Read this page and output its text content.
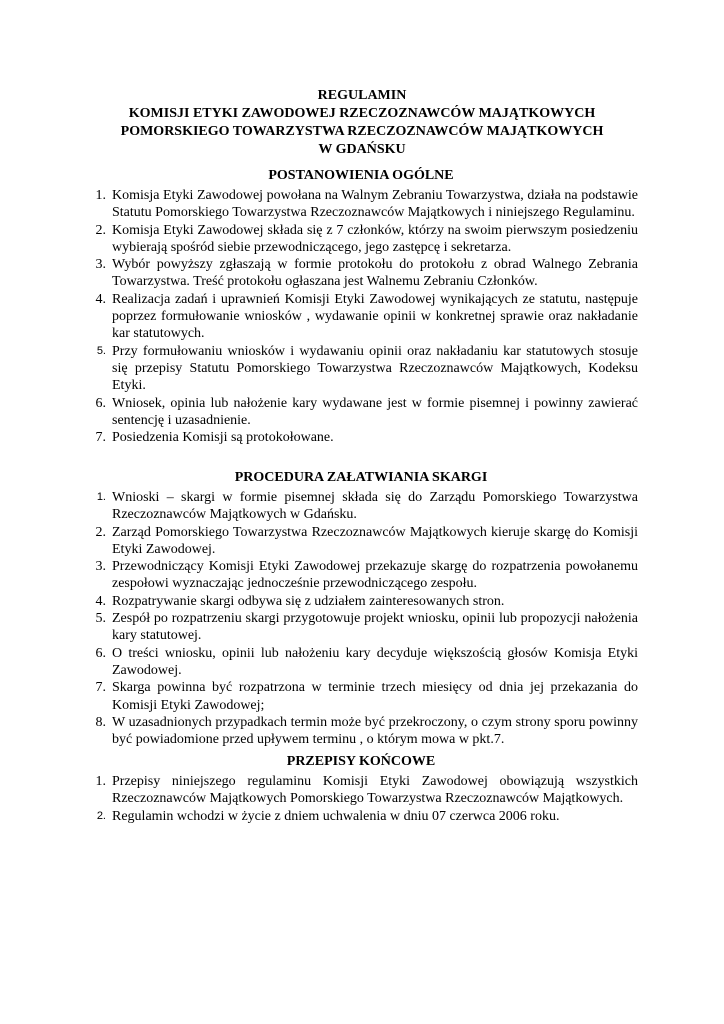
REGULAMIN
KOMISJI ETYKI ZAWODOWEJ RZECZOZNAWCÓW MAJĄTKOWYCH
POMORSKIEGO TOWARZYSTWA RZECZOZNAWCÓW MAJĄTKOWYCH
W GDAŃSKU
POSTANOWIENIA OGÓLNE
1. Komisja Etyki Zawodowej powołana na Walnym Zebraniu Towarzystwa, działa na podstawie Statutu Pomorskiego Towarzystwa Rzeczoznawców Majątkowych i niniejszego Regulaminu.
2. Komisja Etyki Zawodowej składa się z 7 członków, którzy na swoim pierwszym posiedzeniu wybierają spośród siebie przewodniczącego, jego zastępcę i sekretarza.
3. Wybór powyższy zgłaszają w formie protokołu do protokołu z obrad Walnego Zebrania Towarzystwa. Treść protokołu ogłaszana jest Walnemu Zebraniu Członków.
4. Realizacja zadań i uprawnień Komisji Etyki Zawodowej wynikających ze statutu, następuje poprzez formułowanie wniosków , wydawanie opinii w konkretnej sprawie oraz nakładanie kar statutowych.
5. Przy formułowaniu wniosków i wydawaniu opinii oraz nakładaniu kar statutowych stosuje się przepisy Statutu Pomorskiego Towarzystwa Rzeczoznawców Majątkowych, Kodeksu Etyki.
6. Wniosek, opinia lub nałożenie kary wydawane jest w formie pisemnej i powinny zawierać sentencję i uzasadnienie.
7. Posiedzenia Komisji są protokołowane.
PROCEDURA ZAŁATWIANIA SKARGI
1. Wnioski – skargi w formie pisemnej składa się do Zarządu Pomorskiego Towarzystwa Rzeczoznawców Majątkowych w Gdańsku.
2. Zarząd Pomorskiego Towarzystwa Rzeczoznawców Majątkowych kieruje skargę do Komisji Etyki Zawodowej.
3. Przewodniczący Komisji Etyki Zawodowej przekazuje skargę do rozpatrzenia powołanemu zespołowi wyznaczając jednocześnie przewodniczącego zespołu.
4. Rozpatrywanie skargi odbywa się z udziałem zainteresowanych stron.
5. Zespół po rozpatrzeniu skargi przygotowuje projekt wniosku, opinii lub propozycji nałożenia kary statutowej.
6. O treści wniosku, opinii lub nałożeniu kary decyduje większością głosów Komisja Etyki Zawodowej.
7. Skarga powinna być rozpatrzona w terminie trzech miesięcy od dnia jej przekazania do Komisji Etyki Zawodowej;
8. W uzasadnionych przypadkach termin może być przekroczony, o czym strony sporu powinny być powiadomione przed upływem terminu , o którym mowa w pkt.7.
PRZEPISY KOŃCOWE
1. Przepisy niniejszego regulaminu Komisji Etyki Zawodowej obowiązują wszystkich Rzeczoznawców Majątkowych Pomorskiego Towarzystwa Rzeczoznawców Majątkowych.
2. Regulamin wchodzi w życie z dniem uchwalenia w dniu 07 czerwca 2006 roku.
